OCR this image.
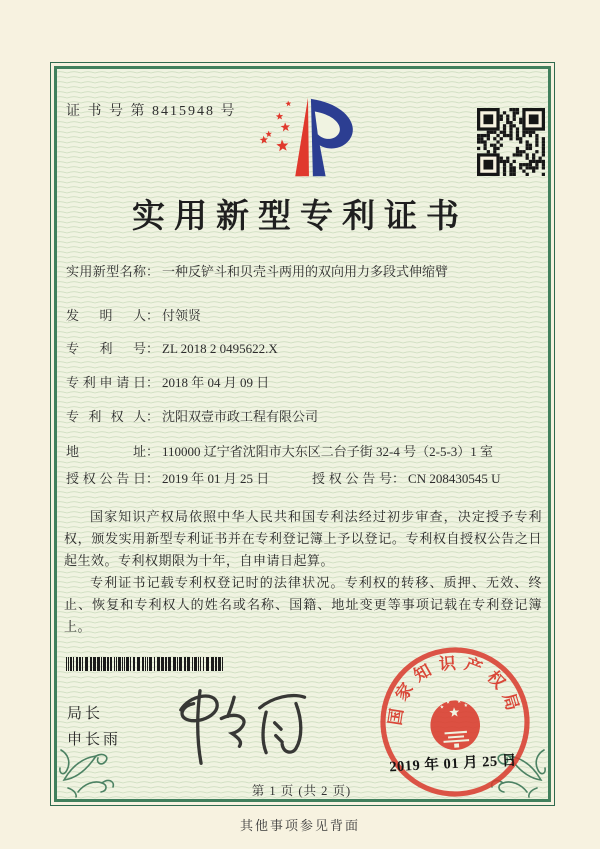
证 书 号 第 8415948 号
实用新型专利证书
实用新型名称 ： 一种反铲斗和贝壳斗两用的双向用力多段式伸缩臂
发明人 ： 付领贤
专利号 ： ZL 2018 2 0495622.X
专利申请日 ： 2018 年 04 月 09 日
专利权人 ： 沈阳双壹市政工程有限公司
地址 ： 110000 辽宁省沈阳市大东区二台子街 32-4 号（2-5-3）1 室
授权公告日 ： 2019 年 01 月 25 日	授权公告号 ： CN 208430545 U

国家知识产权局依照中华人民共和国专利法经过初步审查，决定授予专利权，颁发实用新型专利证书并在专利登记簿上予以登记。专利权自授权公告之日起生效。专利权期限为十年，自申请日起算。

专利证书记载专利权登记时的法律状况。专利权的转移、质押、无效、终止、恢复和专利权人的姓名或名称、国籍、地址变更等事项记载在专利登记簿上。

局长
申长雨
国家知识产权局
2019 年 01 月 25 日
第 1 页 (共 2 页)
其他事项参见背面
